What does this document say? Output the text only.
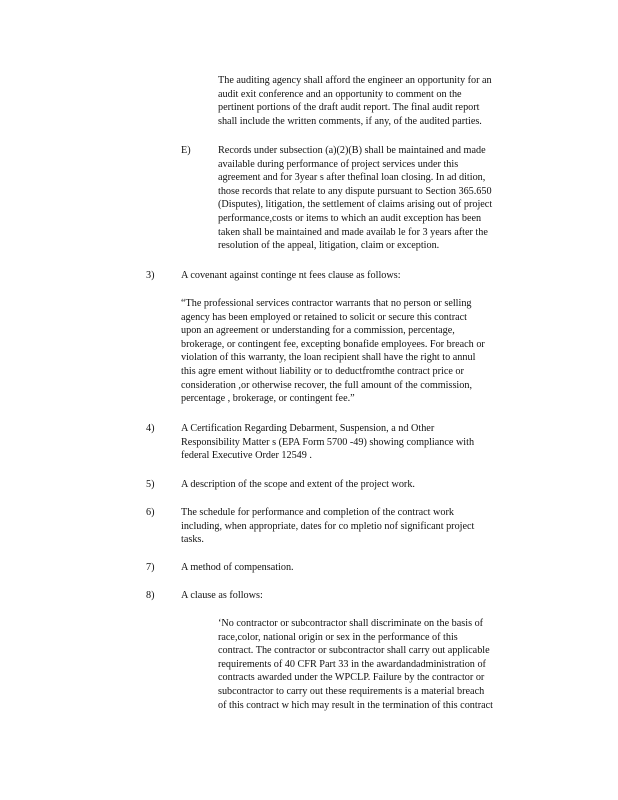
The auditing agency shall afford the engineer an opportunity for an

audit exit conference and an opportunity to comment on the

pertinent portions of the draft audit report. The final audit report

shall include the written comments, if any, of the audited parties.

E)	Records under subsection (a)(2)(B) shall be maintained and made

available during performance of project services under this

agreement and for 3year s after thefinal loan closing. In ad dition,

those records that relate to any dispute pursuant to Section 365.650

(Disputes), litigation, the settlement of claims arising out of project

performance,costs or items to which an audit exception has been

taken shall be maintained and made availab le for 3 years after the

resolution of the appeal, litigation, claim or exception.

3)	A covenant against continge nt fees clause as follows:

“The professional services contractor warrants that no person or selling

agency has been employed or retained to solicit or secure this contract

upon an agreement or understanding for a commission, percentage,

brokerage, or contingent fee, excepting bonafide employees. For breach or

violation of this warranty, the loan recipient shall have the right to annul

this agre ement without liability or to deductfromthe contract price or

consideration ,or otherwise recover, the full amount of the commission,

percentage , brokerage, or contingent fee.”

4)	A Certification Regarding Debarment, Suspension, a nd Other

Responsibility Matter s (EPA Form 5700 -49) showing compliance with

federal Executive Order 12549 .

5)	A description of the scope and extent of the project work.

6)	The schedule for performance and completion of the contract work

including, when appropriate, dates for co mpletio nof significant project

tasks.

7)	A method of compensation.

8)	A clause as follows:

‘No contractor or subcontractor shall discriminate on the basis of

race,color, national origin or sex in the performance of this

contract. The contractor or subcontractor shall carry out applicable

requirements of 40 CFR Part 33 in the awardandadministration of

contracts awarded under the WPCLP. Failure by the contractor or

subcontractor to carry out these requirements is a material breach

of this contract w hich may result in the termination of this contract
